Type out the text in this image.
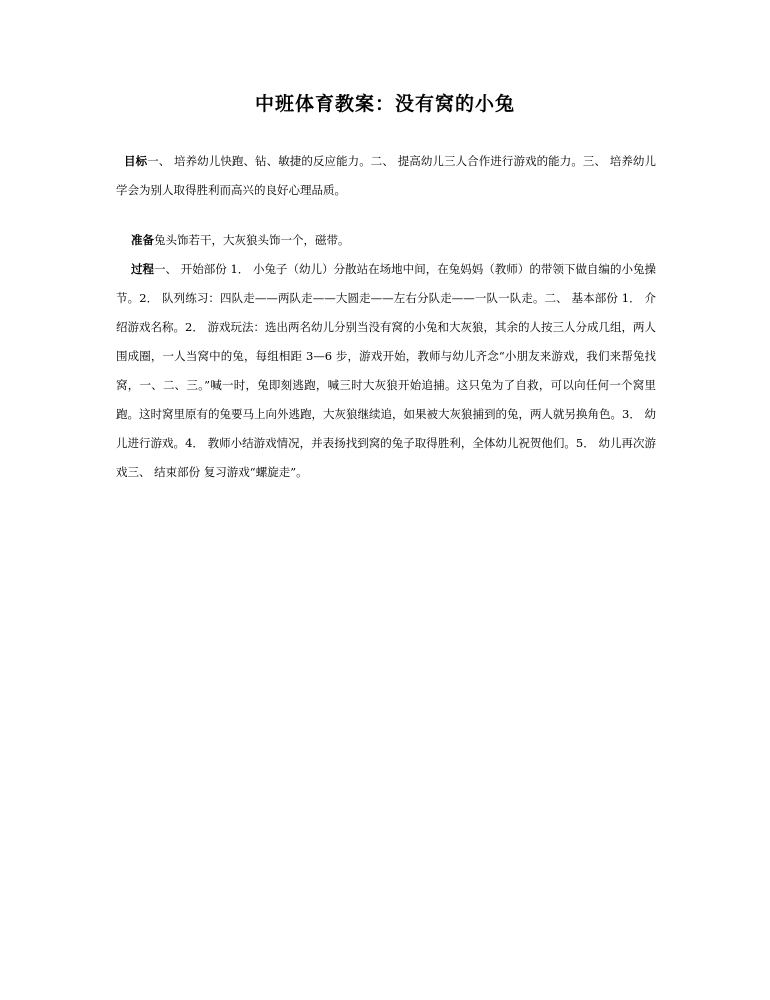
中班体育教案：没有窝的小兔

目标一、 培养幼儿快跑、钻、敏捷的反应能力。二、 提高幼儿三人合作进行游戏的能力。三、 培养幼儿学会为别人取得胜利而高兴的良好心理品质。

准备兔头饰若干，大灰狼头饰一个，磁带。

过程一、 开始部份 1． 小兔子（幼儿）分散站在场地中间，在兔妈妈（教师）的带领下做自编的小兔操节。2． 队列练习：四队走——两队走——大圆走——左右分队走——一队一队走。二、 基本部份 1． 介绍游戏名称。2． 游戏玩法：选出两名幼儿分别当没有窝的小兔和大灰狼，其余的人按三人分成几组，两人围成圈，一人当窝中的兔，每组相距 3—6 步，游戏开始，教师与幼儿齐念“小朋友来游戏，我们来帮兔找窝，一、二、三。”喊一时，兔即刻逃跑，喊三时大灰狼开始追捕。这只兔为了自救，可以向任何一个窝里跑。这时窝里原有的兔要马上向外逃跑，大灰狼继续追，如果被大灰狼捕到的兔，两人就另换角色。3． 幼儿进行游戏。4． 教师小结游戏情况，并表扬找到窝的兔子取得胜利，全体幼儿祝贺他们。5． 幼儿再次游戏三、 结束部份 复习游戏“螺旋走”。
